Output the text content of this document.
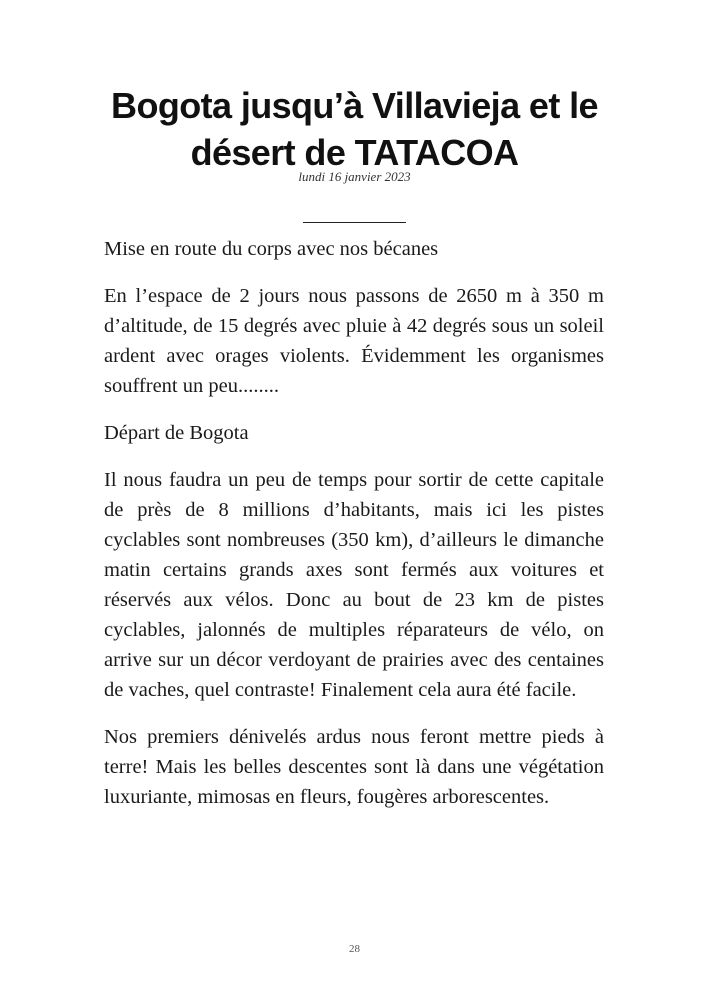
Bogota jusqu’à Villavieja et le
désert de TATACOA
lundi 16 janvier 2023

Mise en route du corps avec nos bécanes

En l’espace de 2 jours nous passons de 2650 m à 350 m d’altitude, de 15 degrés avec pluie à 42 degrés sous un soleil ardent avec orages violents. Évidemment les organismes souffrent un peu........

Départ de Bogota

Il nous faudra un peu de temps pour sortir de cette capitale de près de 8 millions d’habitants, mais ici les pistes cyclables sont nombreuses (350 km), d’ailleurs le dimanche matin certains grands axes sont fermés aux voitures et réservés aux vélos. Donc au bout de 23 km de pistes cyclables, jalonnés de multiples réparateurs de vélo, on arrive sur un décor verdoyant de prairies avec des centaines de vaches, quel contraste! Finalement cela aura été facile.

Nos premiers dénivelés ardus nous feront mettre pieds à terre! Mais les belles descentes sont là dans une végétation luxuriante, mimosas en fleurs, fougères arborescentes.

28
